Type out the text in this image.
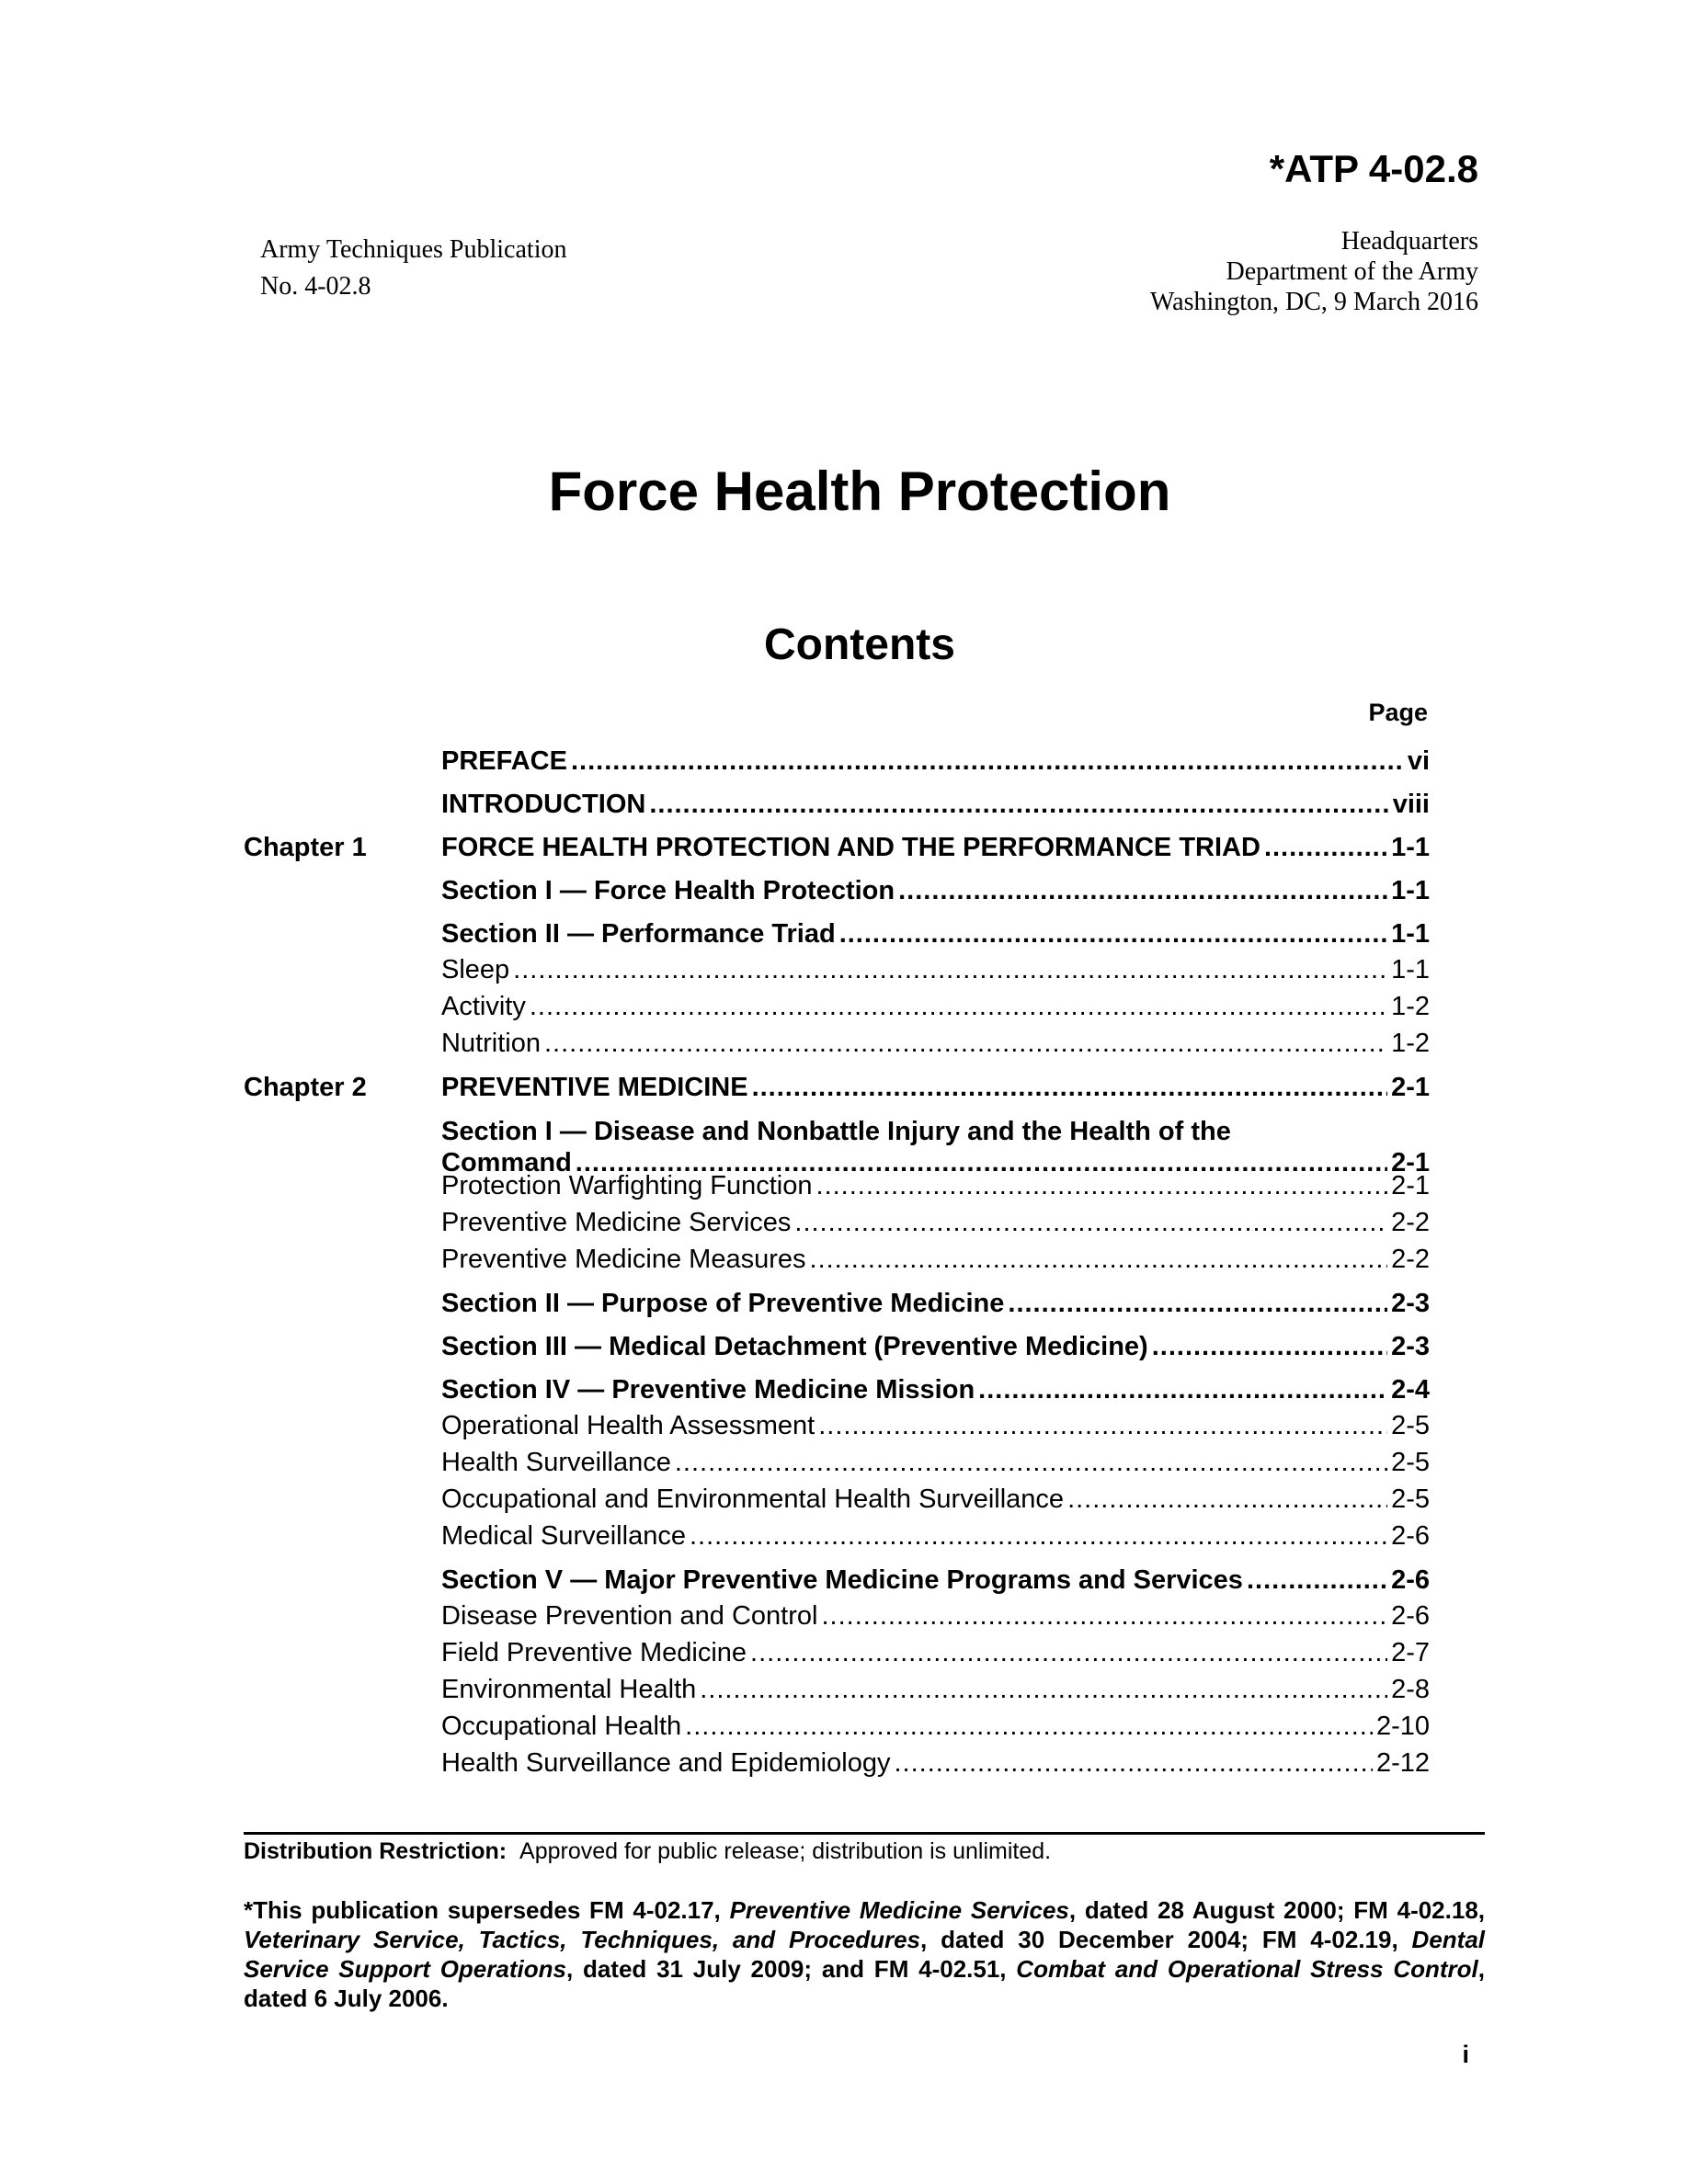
*ATP 4-02.8
Army Techniques Publication
No. 4-02.8
Headquarters
Department of the Army
Washington, DC, 9 March 2016
Force Health Protection
Contents
Page
PREFACE .....	vi
INTRODUCTION .....	viii
Chapter 1	FORCE HEALTH PROTECTION AND THE PERFORMANCE TRIAD .....	1-1
Section I — Force Health Protection .....	1-1
Section II — Performance Triad .....	1-1
Sleep .....	1-1
Activity .....	1-2
Nutrition .....	1-2
Chapter 2	PREVENTIVE MEDICINE .....	2-1
Section I — Disease and Nonbattle Injury and the Health of the
Command .....	2-1
Protection Warfighting Function .....	2-1
Preventive Medicine Services .....	2-2
Preventive Medicine Measures .....	2-2
Section II — Purpose of Preventive Medicine .....	2-3
Section III — Medical Detachment (Preventive Medicine) .....	2-3
Section IV — Preventive Medicine Mission .....	2-4
Operational Health Assessment .....	2-5
Health Surveillance .....	2-5
Occupational and Environmental Health Surveillance .....	2-5
Medical Surveillance .....	2-6
Section V — Major Preventive Medicine Programs and Services .....	2-6
Disease Prevention and Control .....	2-6
Field Preventive Medicine .....	2-7
Environmental Health .....	2-8
Occupational Health .....	2-10
Health Surveillance and Epidemiology .....	2-12
Distribution Restriction: Approved for public release; distribution is unlimited.
*This publication supersedes FM 4-02.17, Preventive Medicine Services, dated 28 August 2000; FM 4-02.18, Veterinary Service, Tactics, Techniques, and Procedures, dated 30 December 2004; FM 4-02.19, Dental Service Support Operations, dated 31 July 2009; and FM 4-02.51, Combat and Operational Stress Control, dated 6 July 2006.
i
